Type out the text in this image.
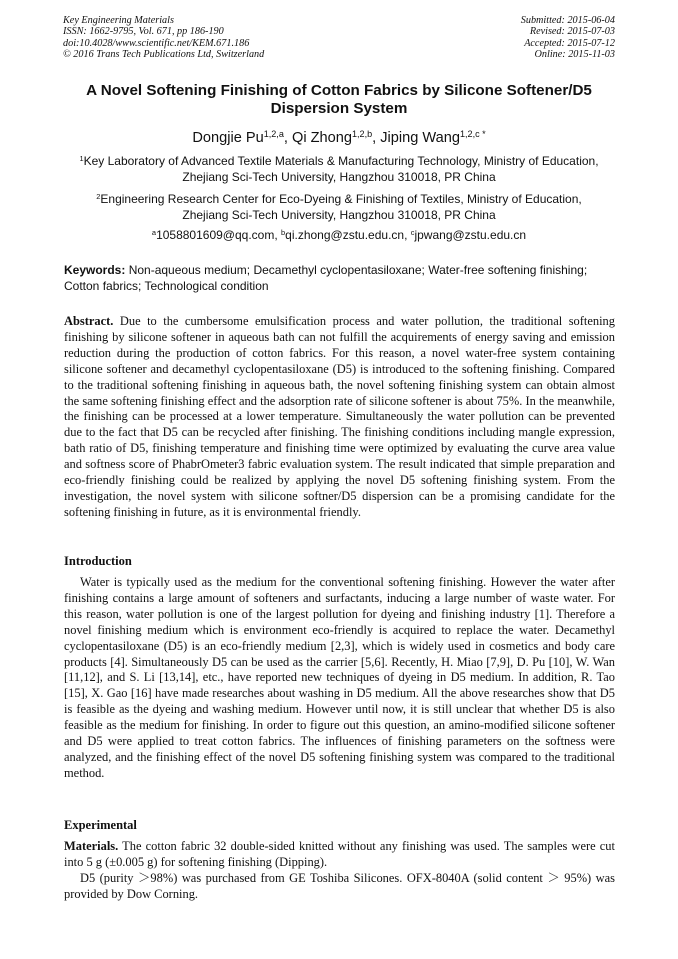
Key Engineering Materials
ISSN: 1662-9795, Vol. 671, pp 186-190
doi:10.4028/www.scientific.net/KEM.671.186
© 2016 Trans Tech Publications Ltd, Switzerland
Submitted: 2015-06-04
Revised: 2015-07-03
Accepted: 2015-07-12
Online: 2015-11-03
A Novel Softening Finishing of Cotton Fabrics by Silicone Softener/D5 Dispersion System
Dongjie Pu$^{1,2,a}$, Qi Zhong$^{1,2,b}$, Jiping Wang$^{1,2,c *}$
$^1$Key Laboratory of Advanced Textile Materials & Manufacturing Technology, Ministry of Education,
Zhejiang Sci-Tech University, Hangzhou 310018, PR China
$^2$Engineering Research Center for Eco-Dyeing & Finishing of Textiles, Ministry of Education,
Zhejiang Sci-Tech University, Hangzhou 310018, PR China
$^a$1058801609@qq.com, $^b$qi.zhong@zstu.edu.cn, $^c$jpwang@zstu.edu.cn
Keywords: Non-aqueous medium; Decamethyl cyclopentasiloxane; Water-free softening finishing; Cotton fabrics; Technological condition
Abstract. Due to the cumbersome emulsification process and water pollution, the traditional softening finishing by silicone softener in aqueous bath can not fulfill the acquirements of energy saving and emission reduction during the production of cotton fabrics. For this reason, a novel water-free system containing silicone softener and decamethyl cyclopentasiloxane (D5) is introduced to the softening finishing. Compared to the traditional softening finishing in aqueous bath, the novel softening finishing system can obtain almost the same softening finishing effect and the adsorption rate of silicone softener is about 75%. In the meanwhile, the finishing can be processed at a lower temperature. Simultaneously the water pollution can be prevented due to the fact that D5 can be recycled after finishing. The finishing conditions including mangle expression, bath ratio of D5, finishing temperature and finishing time were optimized by evaluating the curve area value and softness score of PhabrOmeter3 fabric evaluation system. The result indicated that simple preparation and eco-friendly finishing could be realized by applying the novel D5 softening finishing system. From the investigation, the novel system with silicone softner/D5 dispersion can be a promising candidate for the softening finishing in future, as it is environmental friendly.
Introduction
Water is typically used as the medium for the conventional softening finishing. However the water after finishing contains a large amount of softeners and surfactants, inducing a large number of waste water. For this reason, water pollution is one of the largest pollution for dyeing and finishing industry [1]. Therefore a novel finishing medium which is environment eco-friendly is acquired to replace the water. Decamethyl cyclopentasiloxane (D5) is an eco-friendly medium [2,3], which is widely used in cosmetics and body care products [4]. Simultaneously D5 can be used as the carrier [5,6]. Recently, H. Miao [7,9], D. Pu [10], W. Wan [11,12], and S. Li [13,14], etc., have reported new techniques of dyeing in D5 medium. In addition, R. Tao [15], X. Gao [16] have made researches about washing in D5 medium. All the above researches show that D5 is feasible as the dyeing and washing medium. However until now, it is still unclear that whether D5 is also feasible as the medium for finishing. In order to figure out this question, an amino-modified silicone softener and D5 were applied to treat cotton fabrics. The influences of finishing parameters on the softness were analyzed, and the finishing effect of the novel D5 softening finishing system was compared to the traditional method.
Experimental
Materials. The cotton fabric 32 double-sided knitted without any finishing was used. The samples were cut into 5 g (±0.005 g) for softening finishing (Dipping).
D5 (purity ＞98%) was purchased from GE Toshiba Silicones. OFX-8040A (solid content ＞ 95%) was provided by Dow Corning.
